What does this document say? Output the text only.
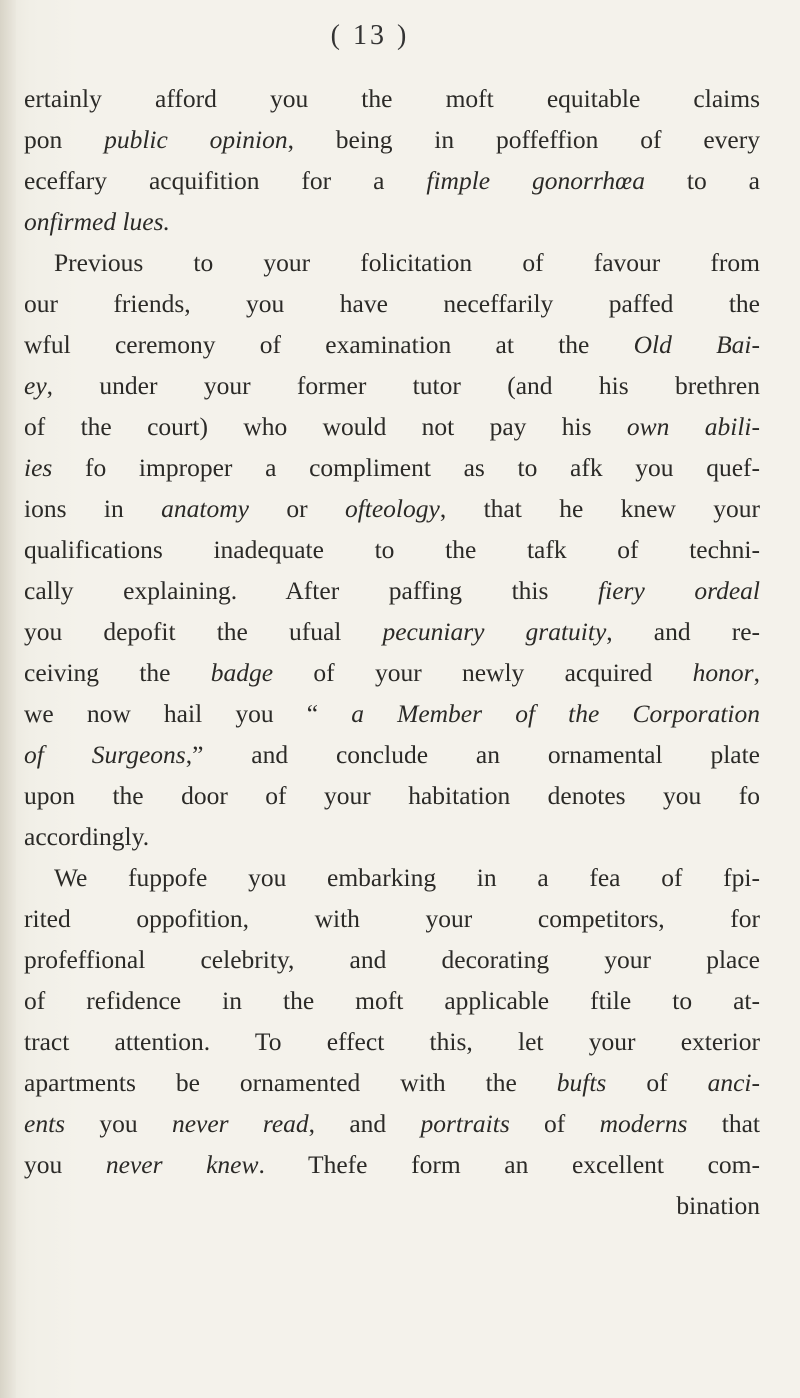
( 13 )
ertainly afford you the moft equitable claims
pon public opinion, being in poffeffion of every
eceffary acquifition for a fimple gonorrhœa to a
onfirmed lues.
Previous to your folicitation of favour from
our friends, you have neceffarily paffed the
wful ceremony of examination at the Old Bai-
ey, under your former tutor (and his brethren
of the court) who would not pay his own abili-
ies fo improper a compliment as to afk you quef-
ions in anatomy or ofteology, that he knew your
qualifications inadequate to the tafk of techni-
cally explaining. After paffing this fiery ordeal
you depofit the ufual pecuniary gratuity, and re-
ceiving the badge of your newly acquired honor,
we now hail you “ a Member of the Corporation
of Surgeons,” and conclude an ornamental plate
upon the door of your habitation denotes you fo
accordingly.
We fuppofe you embarking in a fea of fpi-
rited oppofition, with your competitors, for
profeffional celebrity, and decorating your place
of refidence in the moft applicable ftile to at-
tract attention. To effect this, let your exterior
apartments be ornamented with the bufts of anci-
ents you never read, and portraits of moderns that
you never knew. Thefe form an excellent com-
bination
